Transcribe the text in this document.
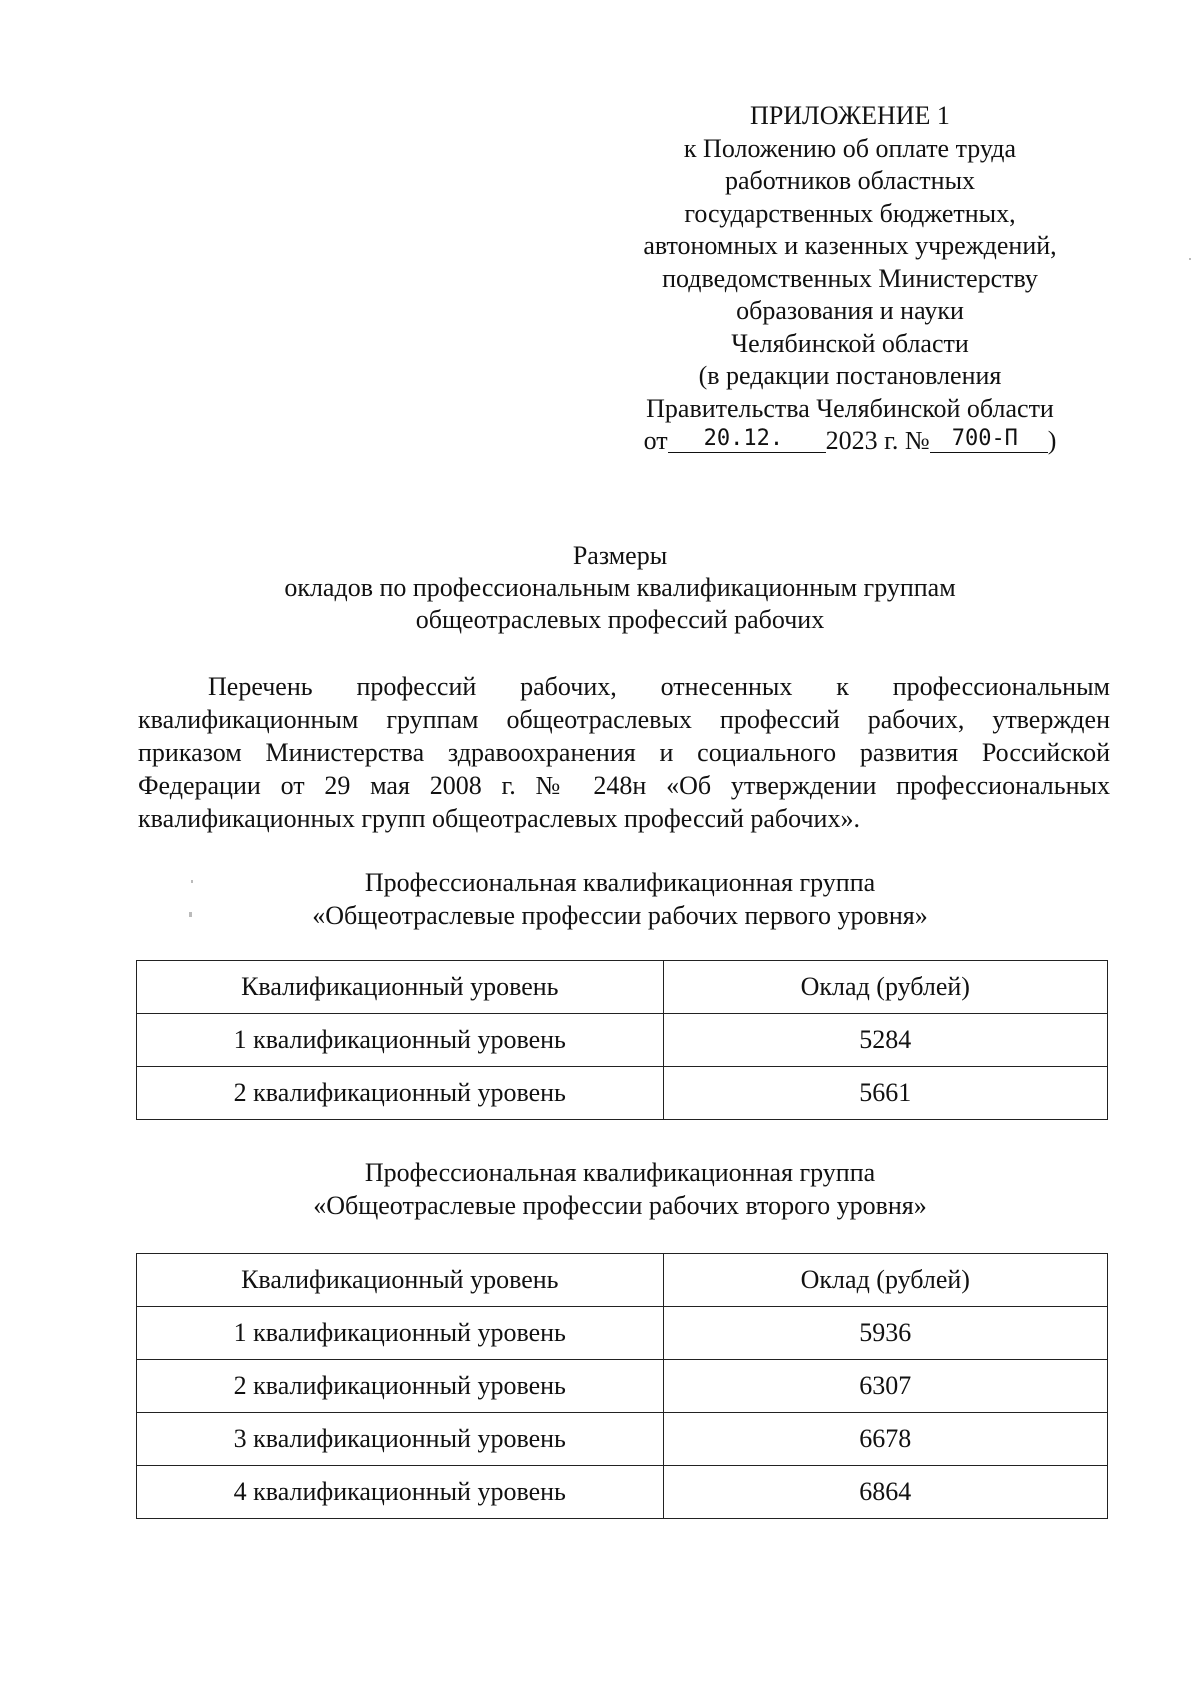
ПРИЛОЖЕНИЕ 1
к Положению об оплате труда
работников областных
государственных бюджетных,
автономных и казенных учреждений,
подведомственных Министерству
образования и науки
Челябинской области
(в редакции постановления
Правительства Челябинской области
от 20.12. 2023 г. № 700-П )
Размеры
окладов по профессиональным квалификационным группам
общеотраслевых профессий рабочих
Перечень профессий рабочих, отнесенных к профессиональным квалификационным группам общеотраслевых профессий рабочих, утвержден приказом Министерства здравоохранения и социального развития Российской Федерации от 29 мая 2008 г. № 248н «Об утверждении профессиональных квалификационных групп общеотраслевых профессий рабочих».
Профессиональная квалификационная группа
«Общеотраслевые профессии рабочих первого уровня»
Квалификационный уровень	Оклад (рублей)
1 квалификационный уровень	5284
2 квалификационный уровень	5661
Профессиональная квалификационная группа
«Общеотраслевые профессии рабочих второго уровня»
Квалификационный уровень	Оклад (рублей)
1 квалификационный уровень	5936
2 квалификационный уровень	6307
3 квалификационный уровень	6678
4 квалификационный уровень	6864
